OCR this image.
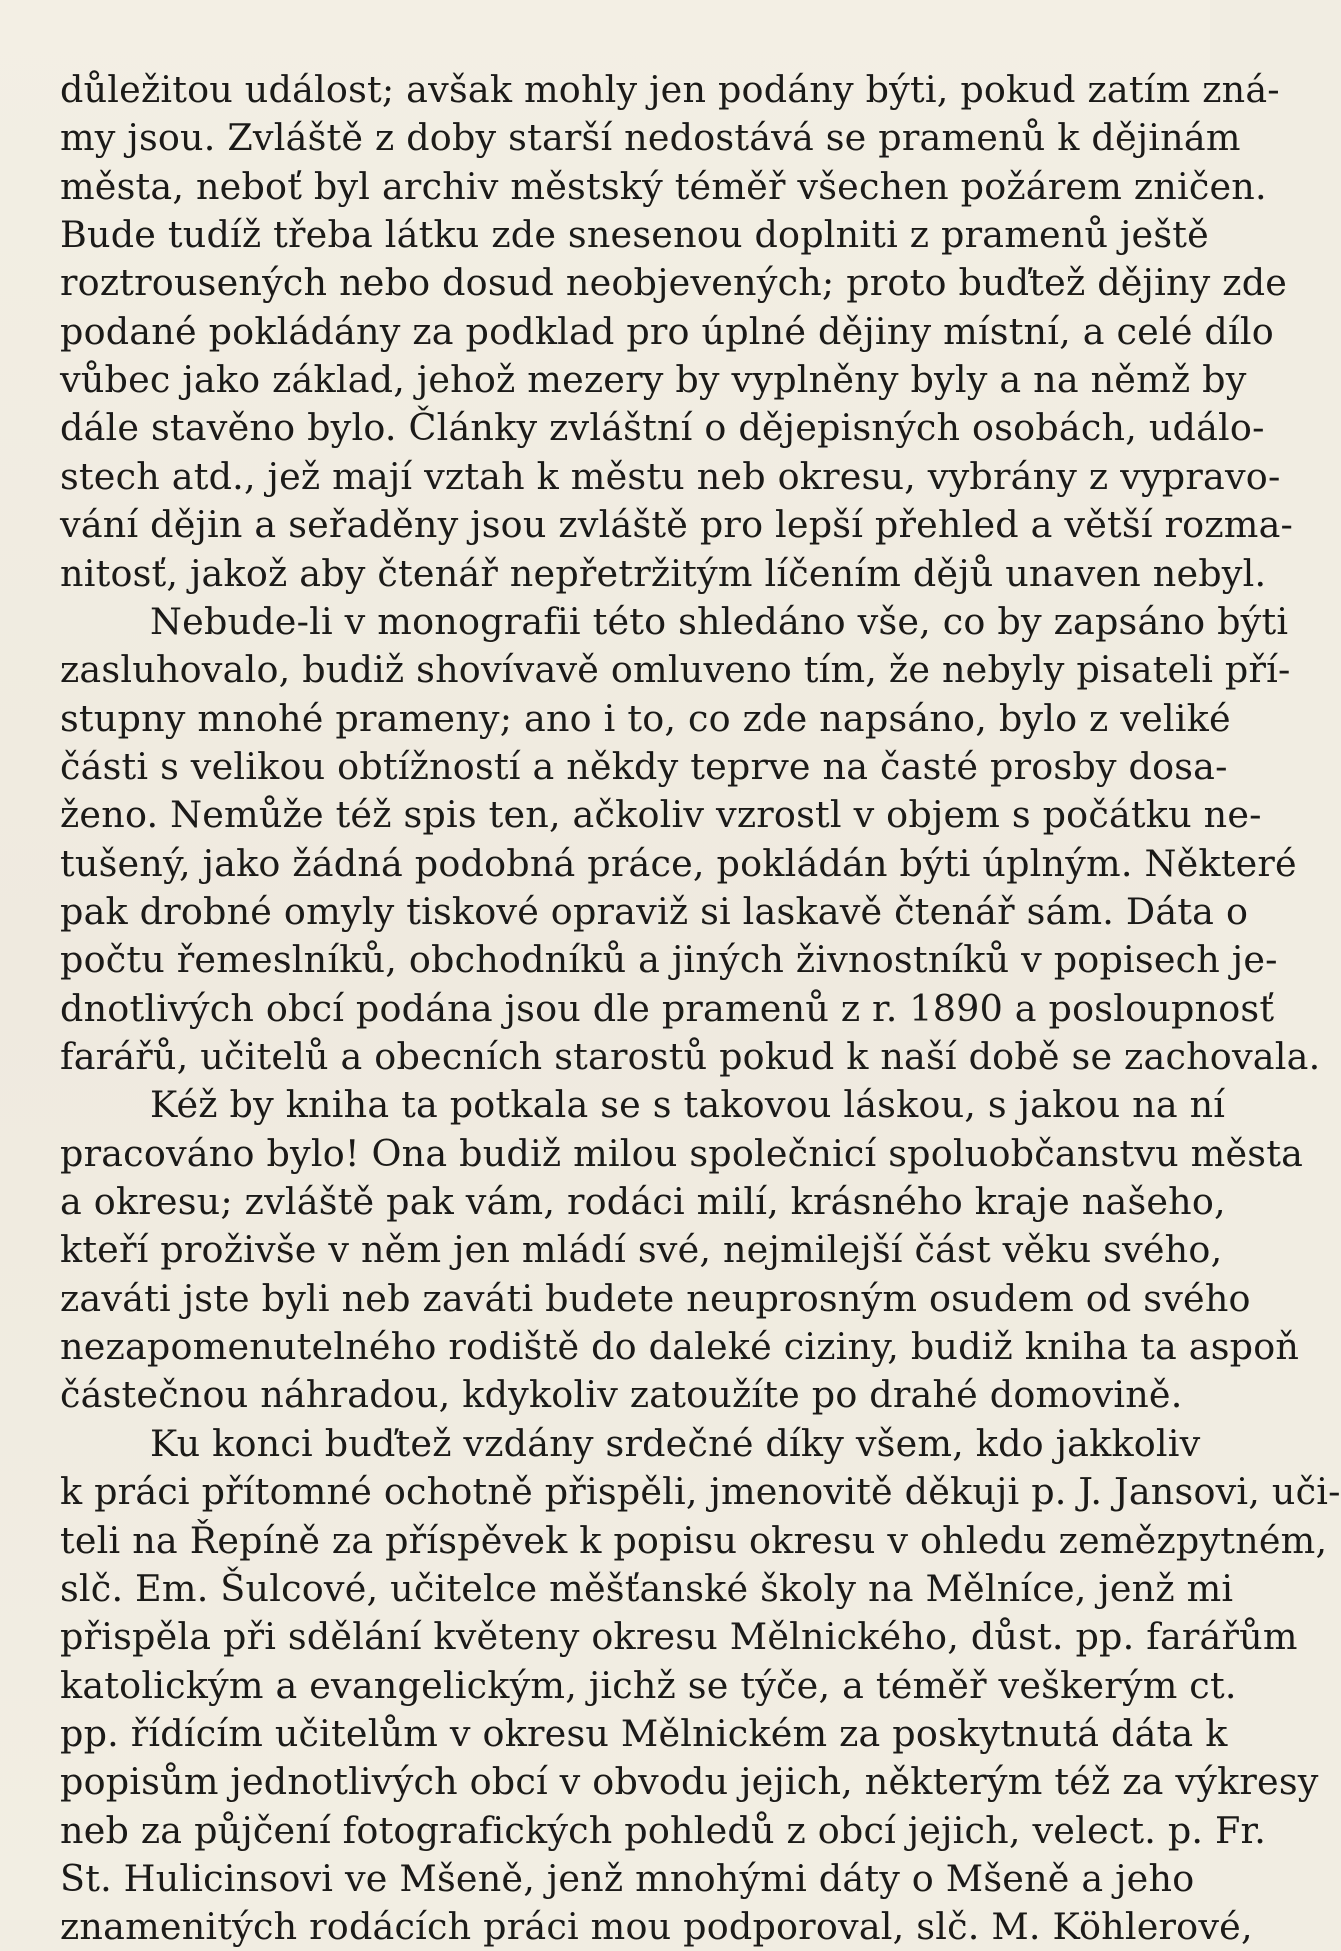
důležitou událost; avšak mohly jen podány býti, pokud zatím zná-
my jsou. Zvláště z doby starší nedostává se pramenů k dějinám
města, neboť byl archiv městský téměř všechen požárem zničen.
Bude tudíž třeba látku zde snesenou doplniti z pramenů ještě
roztrousených nebo dosud neobjevených; proto buďtež dějiny zde
podané pokládány za podklad pro úplné dějiny místní, a celé dílo
vůbec jako základ, jehož mezery by vyplněny byly a na němž by
dále stavěno bylo. Články zvláštní o dějepisných osobách, událo-
stech atd., jež mají vztah k městu neb okresu, vybrány z vypravo-
vání dějin a seřaděny jsou zvláště pro lepší přehled a větší rozma-
nitosť, jakož aby čtenář nepřetržitým líčením dějů unaven nebyl.
Nebude-li v monografii této shledáno vše, co by zapsáno býti
zasluhovalo, budiž shovívavě omluveno tím, že nebyly pisateli pří-
stupny mnohé prameny; ano i to, co zde napsáno, bylo z veliké
části s velikou obtížností a někdy teprve na časté prosby dosa-
ženo. Nemůže též spis ten, ačkoliv vzrostl v objem s počátku ne-
tušený, jako žádná podobná práce, pokládán býti úplným. Některé
pak drobné omyly tiskové opraviž si laskavě čtenář sám. Dáta o
počtu řemeslníků, obchodníků a jiných živnostníků v popisech je-
dnotlivých obcí podána jsou dle pramenů z r. 1890 a posloupnosť
farářů, učitelů a obecních starostů pokud k naší době se zachovala.
Kéž by kniha ta potkala se s takovou láskou, s jakou na ní
pracováno bylo! Ona budiž milou společnicí spoluobčanstvu města
a okresu; zvláště pak vám, rodáci milí, krásného kraje našeho,
kteří proživše v něm jen mládí své, nejmilejší část věku svého,
zaváti jste byli neb zaváti budete neuprosným osudem od svého
nezapomenutelného rodiště do daleké ciziny, budiž kniha ta aspoň
částečnou náhradou, kdykoliv zatoužíte po drahé domovině.
Ku konci buďtež vzdány srdečné díky všem, kdo jakkoliv
k práci přítomné ochotně přispěli, jmenovitě děkuji p. J. Jansovi, uči-
teli na Řepíně za příspěvek k popisu okresu v ohledu zemězpytném,
slč. Em. Šulcové, učitelce měšťanské školy na Mělníce, jenž mi
přispěla při sdělání květeny okresu Mělnického, důst. pp. farářům
katolickým a evangelickým, jichž se týče, a téměř veškerým ct.
pp. řídícím učitelům v okresu Mělnickém za poskytnutá dáta k
popisům jednotlivých obcí v obvodu jejich, některým též za výkresy
neb za půjčení fotografických pohledů z obcí jejich, velect. p. Fr.
St. Hulicinsovi ve Mšeně, jenž mnohými dáty o Mšeně a jeho
znamenitých rodácích práci mou podporoval, slč. M. Köhlerové,
